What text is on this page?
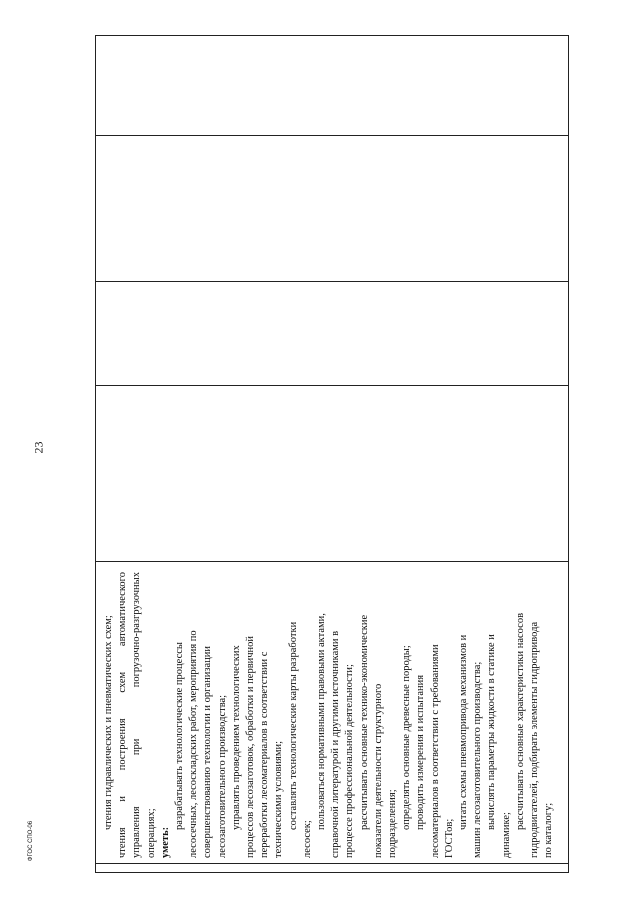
23
чтения гидравлических и пневматических схем;
чтения
и
построения
схем
автоматического
управления
при
погрузочно-разгрузочных
операциях; уметь:
разрабатывать технологические процессы лесосечных, лесоскладских работ, мероприятия по совершенствованию технологии и организации лесозаготовительного производства; управлять проведением технологических процессов лесозаготовок, обработки и первичной переработки лесоматериалов в соответствии с техническими условиями; составлять технологические карты разработки
лесосек;
пользоваться нормативными правовыми актами, справочной литературой и другими источниками в процессе профессиональной деятельности; рассчитывать основные технико-экономические показатели деятельности структурного подразделения; определять основные древесные породы; проводить измерения и испытания лесоматериалов в соответствии с требованиями ГОСТов;
читать схемы пневмопривода механизмов и машин лесозаготовительного производства; вычислять параметры жидкости в статике и
динамике;
рассчитывать основные характеристики насосов гидродвигателей, подбирать элементы гидропривода по каталогу;
ФГОС СПО-06
